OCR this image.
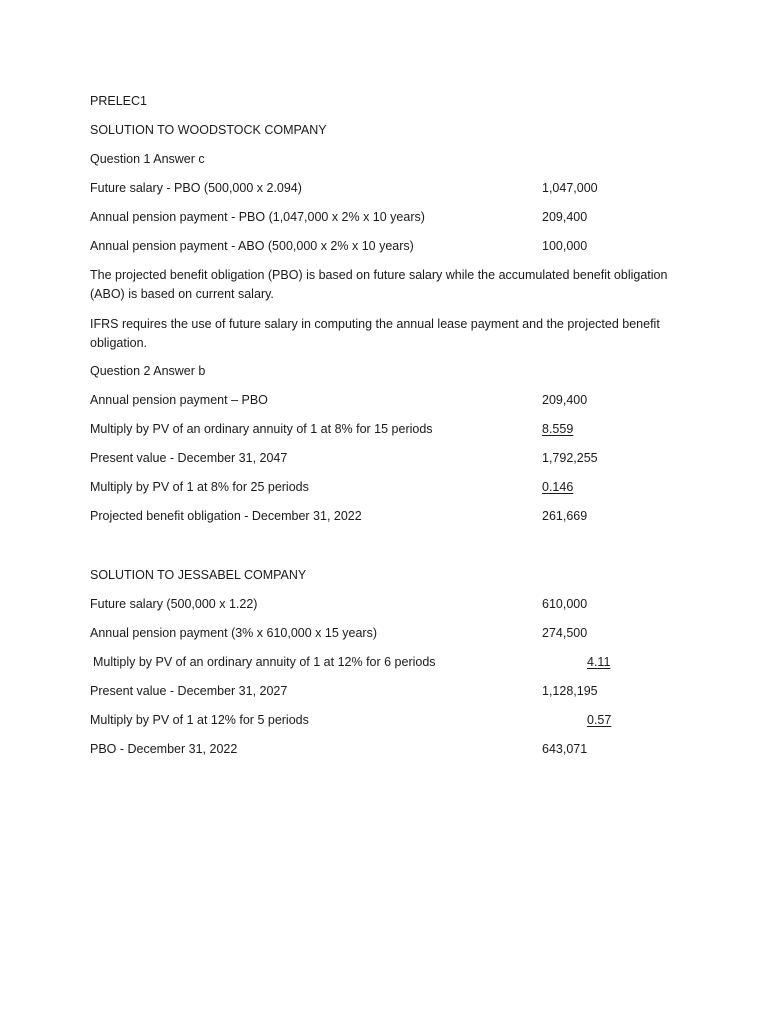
PRELEC1
SOLUTION TO WOODSTOCK COMPANY
Question 1 Answer c
Future salary - PBO (500,000 x 2.094)	1,047,000
Annual pension payment - PBO (1,047,000 x 2% x 10 years)	209,400
Annual pension payment - ABO (500,000 x 2% x 10 years)	100,000
The projected benefit obligation (PBO) is based on future salary while the accumulated benefit obligation (ABO) is based on current salary.
IFRS requires the use of future salary in computing the annual lease payment and the projected benefit obligation.
Question 2 Answer b
Annual pension payment – PBO	209,400
Multiply by PV of an ordinary annuity of 1 at 8% for 15 periods	8.559
Present value - December 31, 2047	1,792,255
Multiply by PV of 1 at 8% for 25 periods	0.146
Projected benefit obligation - December 31, 2022	261,669
SOLUTION TO JESSABEL COMPANY
Future salary (500,000 x 1.22)	610,000
Annual pension payment (3% x 610,000 x 15 years)	274,500
Multiply by PV of an ordinary annuity of 1 at 12% for 6 periods	4.11
Present value - December 31, 2027	1,128,195
Multiply by PV of 1 at 12% for 5 periods	0.57
PBO - December 31, 2022	643,071
